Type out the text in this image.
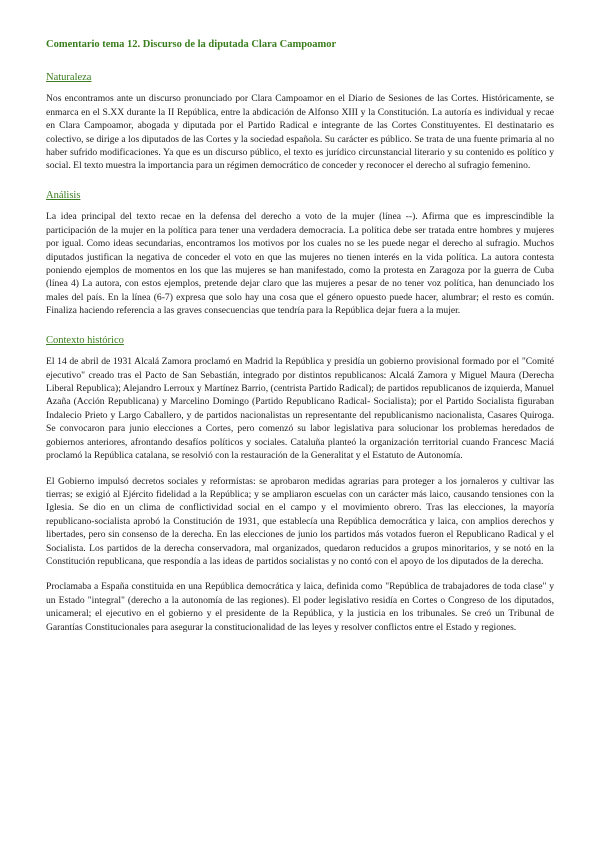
Comentario tema 12. Discurso de la diputada Clara Campoamor
Naturaleza

Nos encontramos ante un discurso pronunciado por Clara Campoamor en el Diario de Sesiones de las Cortes. Históricamente, se enmarca en el S.XX durante la II República, entre la abdicación de Alfonso XIII y la Constitución. La autoría es individual y recae en Clara Campoamor, abogada y diputada por el Partido Radical e integrante de las Cortes Constituyentes. El destinatario es colectivo, se dirige a los diputados de las Cortes y la sociedad española. Su carácter es público. Se trata de una fuente primaria al no haber sufrido modificaciones. Ya que es un discurso público, el texto es jurídico circunstancial literario y su contenido es político y social. El texto muestra la importancia para un régimen democrático de conceder y reconocer el derecho al sufragio femenino.

Análisis

La idea principal del texto recae en la defensa del derecho a voto de la mujer (línea --). Afirma que es imprescindible la participación de la mujer en la política para tener una verdadera democracia. La política debe ser tratada entre hombres y mujeres por igual. Como ideas secundarias, encontramos los motivos por los cuales no se les puede negar el derecho al sufragio. Muchos diputados justifican la negativa de conceder el voto en que las mujeres no tienen interés en la vida política. La autora contesta poniendo ejemplos de momentos en los que las mujeres se han manifestado, como la protesta en Zaragoza por la guerra de Cuba (línea 4) La autora, con estos ejemplos, pretende dejar claro que las mujeres a pesar de no tener voz política, han denunciado los males del país. En la línea (6-7) expresa que solo hay una cosa que el género opuesto puede hacer, alumbrar; el resto es común. Finaliza haciendo referencia a las graves consecuencias que tendría para la República dejar fuera a la mujer.

Contexto histórico

El 14 de abril de 1931 Alcalá Zamora proclamó en Madrid la República y presidía un gobierno provisional formado por el "Comité ejecutivo" creado tras el Pacto de San Sebastián, integrado por distintos republicanos: Alcalá Zamora y Miguel Maura (Derecha Liberal Republica); Alejandro Lerroux y Martínez Barrio, (centrista Partido Radical); de partidos republicanos de izquierda, Manuel Azaña (Acción Republicana) y Marcelino Domingo (Partido Republicano Radical- Socialista); por el Partido Socialista figuraban Indalecio Prieto y Largo Caballero, y de partidos nacionalistas un representante del republicanismo nacionalista, Casares Quiroga. Se convocaron para junio elecciones a Cortes, pero comenzó su labor legislativa para solucionar los problemas heredados de gobiernos anteriores, afrontando desafíos políticos y sociales. Cataluña planteó la organización territorial cuando Francesc Maciá proclamó la República catalana, se resolvió con la restauración de la Generalitat y el Estatuto de Autonomía.

El Gobierno impulsó decretos sociales y reformistas: se aprobaron medidas agrarias para proteger a los jornaleros y cultivar las tierras; se exigió al Ejército fidelidad a la República; y se ampliaron escuelas con un carácter más laico, causando tensiones con la Iglesia. Se dio en un clima de conflictividad social en el campo y el movimiento obrero. Tras las elecciones, la mayoría republicano-socialista aprobó la Constitución de 1931, que establecía una República democrática y laica, con amplios derechos y libertades, pero sin consenso de la derecha. En las elecciones de junio los partidos más votados fueron el Republicano Radical y el Socialista. Los partidos de la derecha conservadora, mal organizados, quedaron reducidos a grupos minoritarios, y se notó en la Constitución republicana, que respondía a las ideas de partidos socialistas y no contó con el apoyo de los diputados de la derecha.

Proclamaba a España constituida en una República democrática y laica, definida como "República de trabajadores de toda clase" y un Estado "integral" (derecho a la autonomía de las regiones). El poder legislativo residía en Cortes o Congreso de los diputados, unicameral; el ejecutivo en el gobierno y el presidente de la República, y la justicia en los tribunales. Se creó un Tribunal de Garantías Constitucionales para asegurar la constitucionalidad de las leyes y resolver conflictos entre el Estado y regiones.
